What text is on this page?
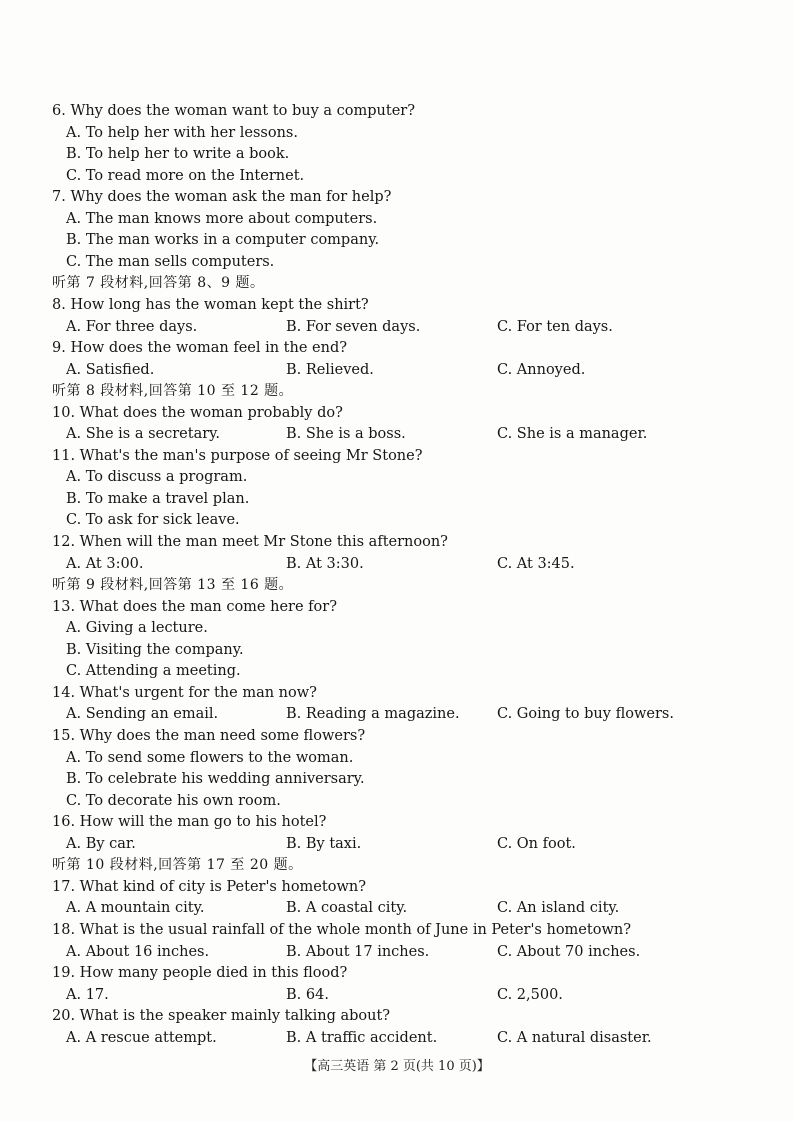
6. Why does the woman want to buy a computer?
A. To help her with her lessons.
B. To help her to write a book.
C. To read more on the Internet.
7. Why does the woman ask the man for help?
A. The man knows more about computers.
B. The man works in a computer company.
C. The man sells computers.
听第 7 段材料,回答第 8、9 题。
8. How long has the woman kept the shirt?
A. For three days.	B. For seven days.	C. For ten days.
9. How does the woman feel in the end?
A. Satisfied.	B. Relieved.	C. Annoyed.
听第 8 段材料,回答第 10 至 12 题。
10. What does the woman probably do?
A. She is a secretary.	B. She is a boss.	C. She is a manager.
11. What's the man's purpose of seeing Mr Stone?
A. To discuss a program.
B. To make a travel plan.
C. To ask for sick leave.
12. When will the man meet Mr Stone this afternoon?
A. At 3:00.	B. At 3:30.	C. At 3:45.
听第 9 段材料,回答第 13 至 16 题。
13. What does the man come here for?
A. Giving a lecture.
B. Visiting the company.
C. Attending a meeting.
14. What's urgent for the man now?
A. Sending an email.	B. Reading a magazine.	C. Going to buy flowers.
15. Why does the man need some flowers?
A. To send some flowers to the woman.
B. To celebrate his wedding anniversary.
C. To decorate his own room.
16. How will the man go to his hotel?
A. By car.	B. By taxi.	C. On foot.
听第 10 段材料,回答第 17 至 20 题。
17. What kind of city is Peter's hometown?
A. A mountain city.	B. A coastal city.	C. An island city.
18. What is the usual rainfall of the whole month of June in Peter's hometown?
A. About 16 inches.	B. About 17 inches.	C. About 70 inches.
19. How many people died in this flood?
A. 17.	B. 64.	C. 2,500.
20. What is the speaker mainly talking about?
A. A rescue attempt.	B. A traffic accident.	C. A natural disaster.
【高三英语 第 2 页(共 10 页)】
